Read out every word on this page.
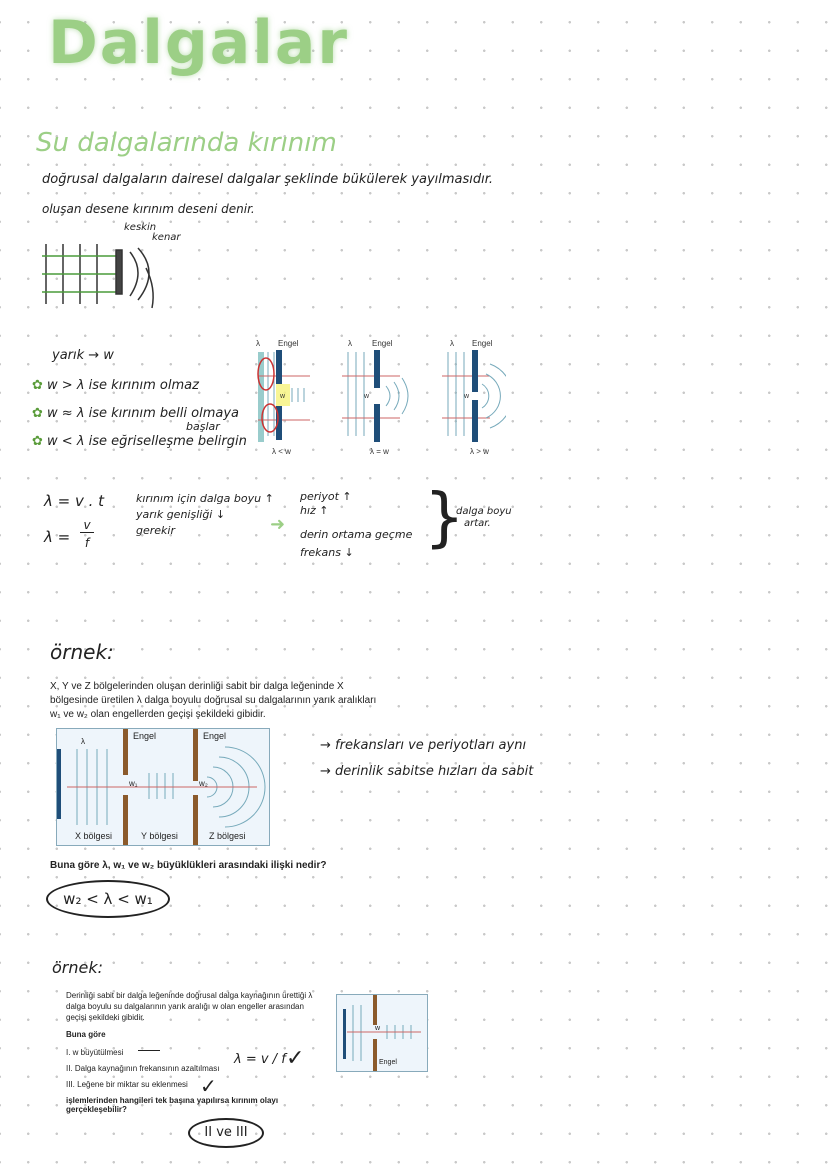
Dalgalar
Su dalgalarında kırınım
doğrusal dalgaların dairesel dalgalar şeklinde bükülerek yayılmasıdır.
oluşan desene kırınım deseni denir.
keskin
kenar
yarık → w
✿ w > λ ise kırınım olmaz
✿ w ≈ λ ise kırınım belli olmaya
✿ w < λ ise eğriselleşme belirgin
başlar
λ Engel	λ	Engel	λ Engel
w	w	w
λ < w	λ = w	λ > w
λ = v . t
λ =
v
f
kırınım için dalga boyu ↑
yarık genişliği ↓
gerekir	➜
periyot ↑
hız ↑
derin ortama geçme
frekans ↓ }
dalga boyu
artar.
örnek:
X, Y ve Z bölgelerinden oluşan derinliği sabit bir dalga leğeninde X bölgesinde üretilen λ dalga boyulu doğrusal su dalgalarının yarık aralıkları w₁ ve w₂ olan engellerden geçişi şekildeki gibidir.
λ
Engel	Engel
w₁	w₂
X bölgesi	Y bölgesi	Z bölgesi
Buna göre λ, w₁ ve w₂ büyüklükleri arasındaki ilişki nedir?
w₂ < λ < w₁
→ frekansları ve periyotları aynı
→ derinlik sabitse hızları da sabit
örnek:
Derinliği sabit bir dalga leğeninde doğrusal dalga kaynağının ürettiği λ dalga boyulu su dalgalarının yarık aralığı w olan engeller arasından geçişi şekildeki gibidir.
Buna göre
I. w büyütülmesi
II. Dalga kaynağının frekansının azaltılması
III. Leğene bir miktar su eklenmesi
işlemlerinden hangileri tek başına yapılırsa kırınım olayı gerçekleşebilir?
λ = v / f ✓
✓
II ve III
w
Engel
